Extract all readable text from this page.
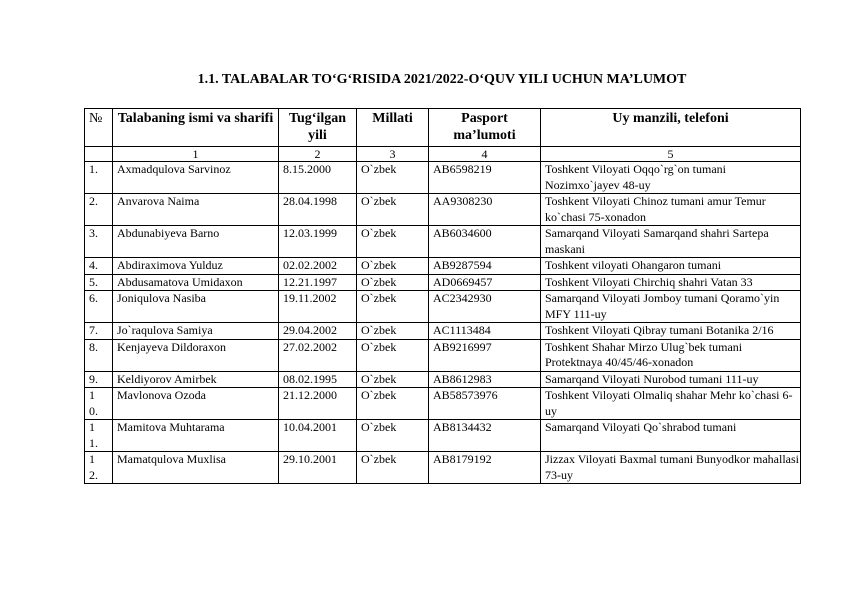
1.1. TALABALAR TO‘G‘RISIDA 2021/2022-O‘QUV YILI UCHUN MA’LUMOT
№	Talabaning ismi va sharifi	Tug‘ilgan yili	Millati	Pasport ma’lumoti	Uy manzili, telefoni
	1	2	3	4	5
1.	Axmadqulova Sarvinoz	8.15.2000	O`zbek	AB6598219	Toshkent Viloyati Oqqo`rg`on tumani Nozimxo`jayev 48-uy
2.	Anvarova Naima	28.04.1998	O`zbek	AA9308230	Toshkent Viloyati Chinoz tumani amur Temur ko`chasi 75-xonadon
3.	Abdunabiyeva Barno	12.03.1999	O`zbek	AB6034600	Samarqand Viloyati Samarqand shahri Sartepa maskani
4.	Abdiraximova Yulduz	02.02.2002	O`zbek	AB9287594	Toshkent viloyati Ohangaron tumani
5.	Abdusamatova Umidaxon	12.21.1997	O`zbek	AD0669457	Toshkent Viloyati Chirchiq shahri Vatan 33
6.	Joniqulova Nasiba	19.11.2002	O`zbek	AC2342930	Samarqand Viloyati Jomboy tumani Qoramo`yin MFY 111-uy
7.	Jo`raqulova Samiya	29.04.2002	O`zbek	AC1113484	Toshkent Viloyati Qibray tumani Botanika 2/16
8.	Kenjayeva Dildoraxon	27.02.2002	O`zbek	AB9216997	Toshkent Shahar Mirzo Ulug`bek tumani Protektnaya 40/45/46-xonadon
9.	Keldiyorov Amirbek	08.02.1995	O`zbek	AB8612983	Samarqand Viloyati Nurobod tumani 111-uy
10.	Mavlonova Ozoda	21.12.2000	O`zbek	AB58573976	Toshkent Viloyati Olmaliq shahar Mehr ko`chasi 6-uy
11.	Mamitova Muhtarama	10.04.2001	O`zbek	AB8134432	Samarqand Viloyati Qo`shrabod tumani
12.	Mamatqulova Muxlisa	29.10.2001	O`zbek	AB8179192	Jizzax Viloyati Baxmal tumani Bunyodkor mahallasi 73-uy
